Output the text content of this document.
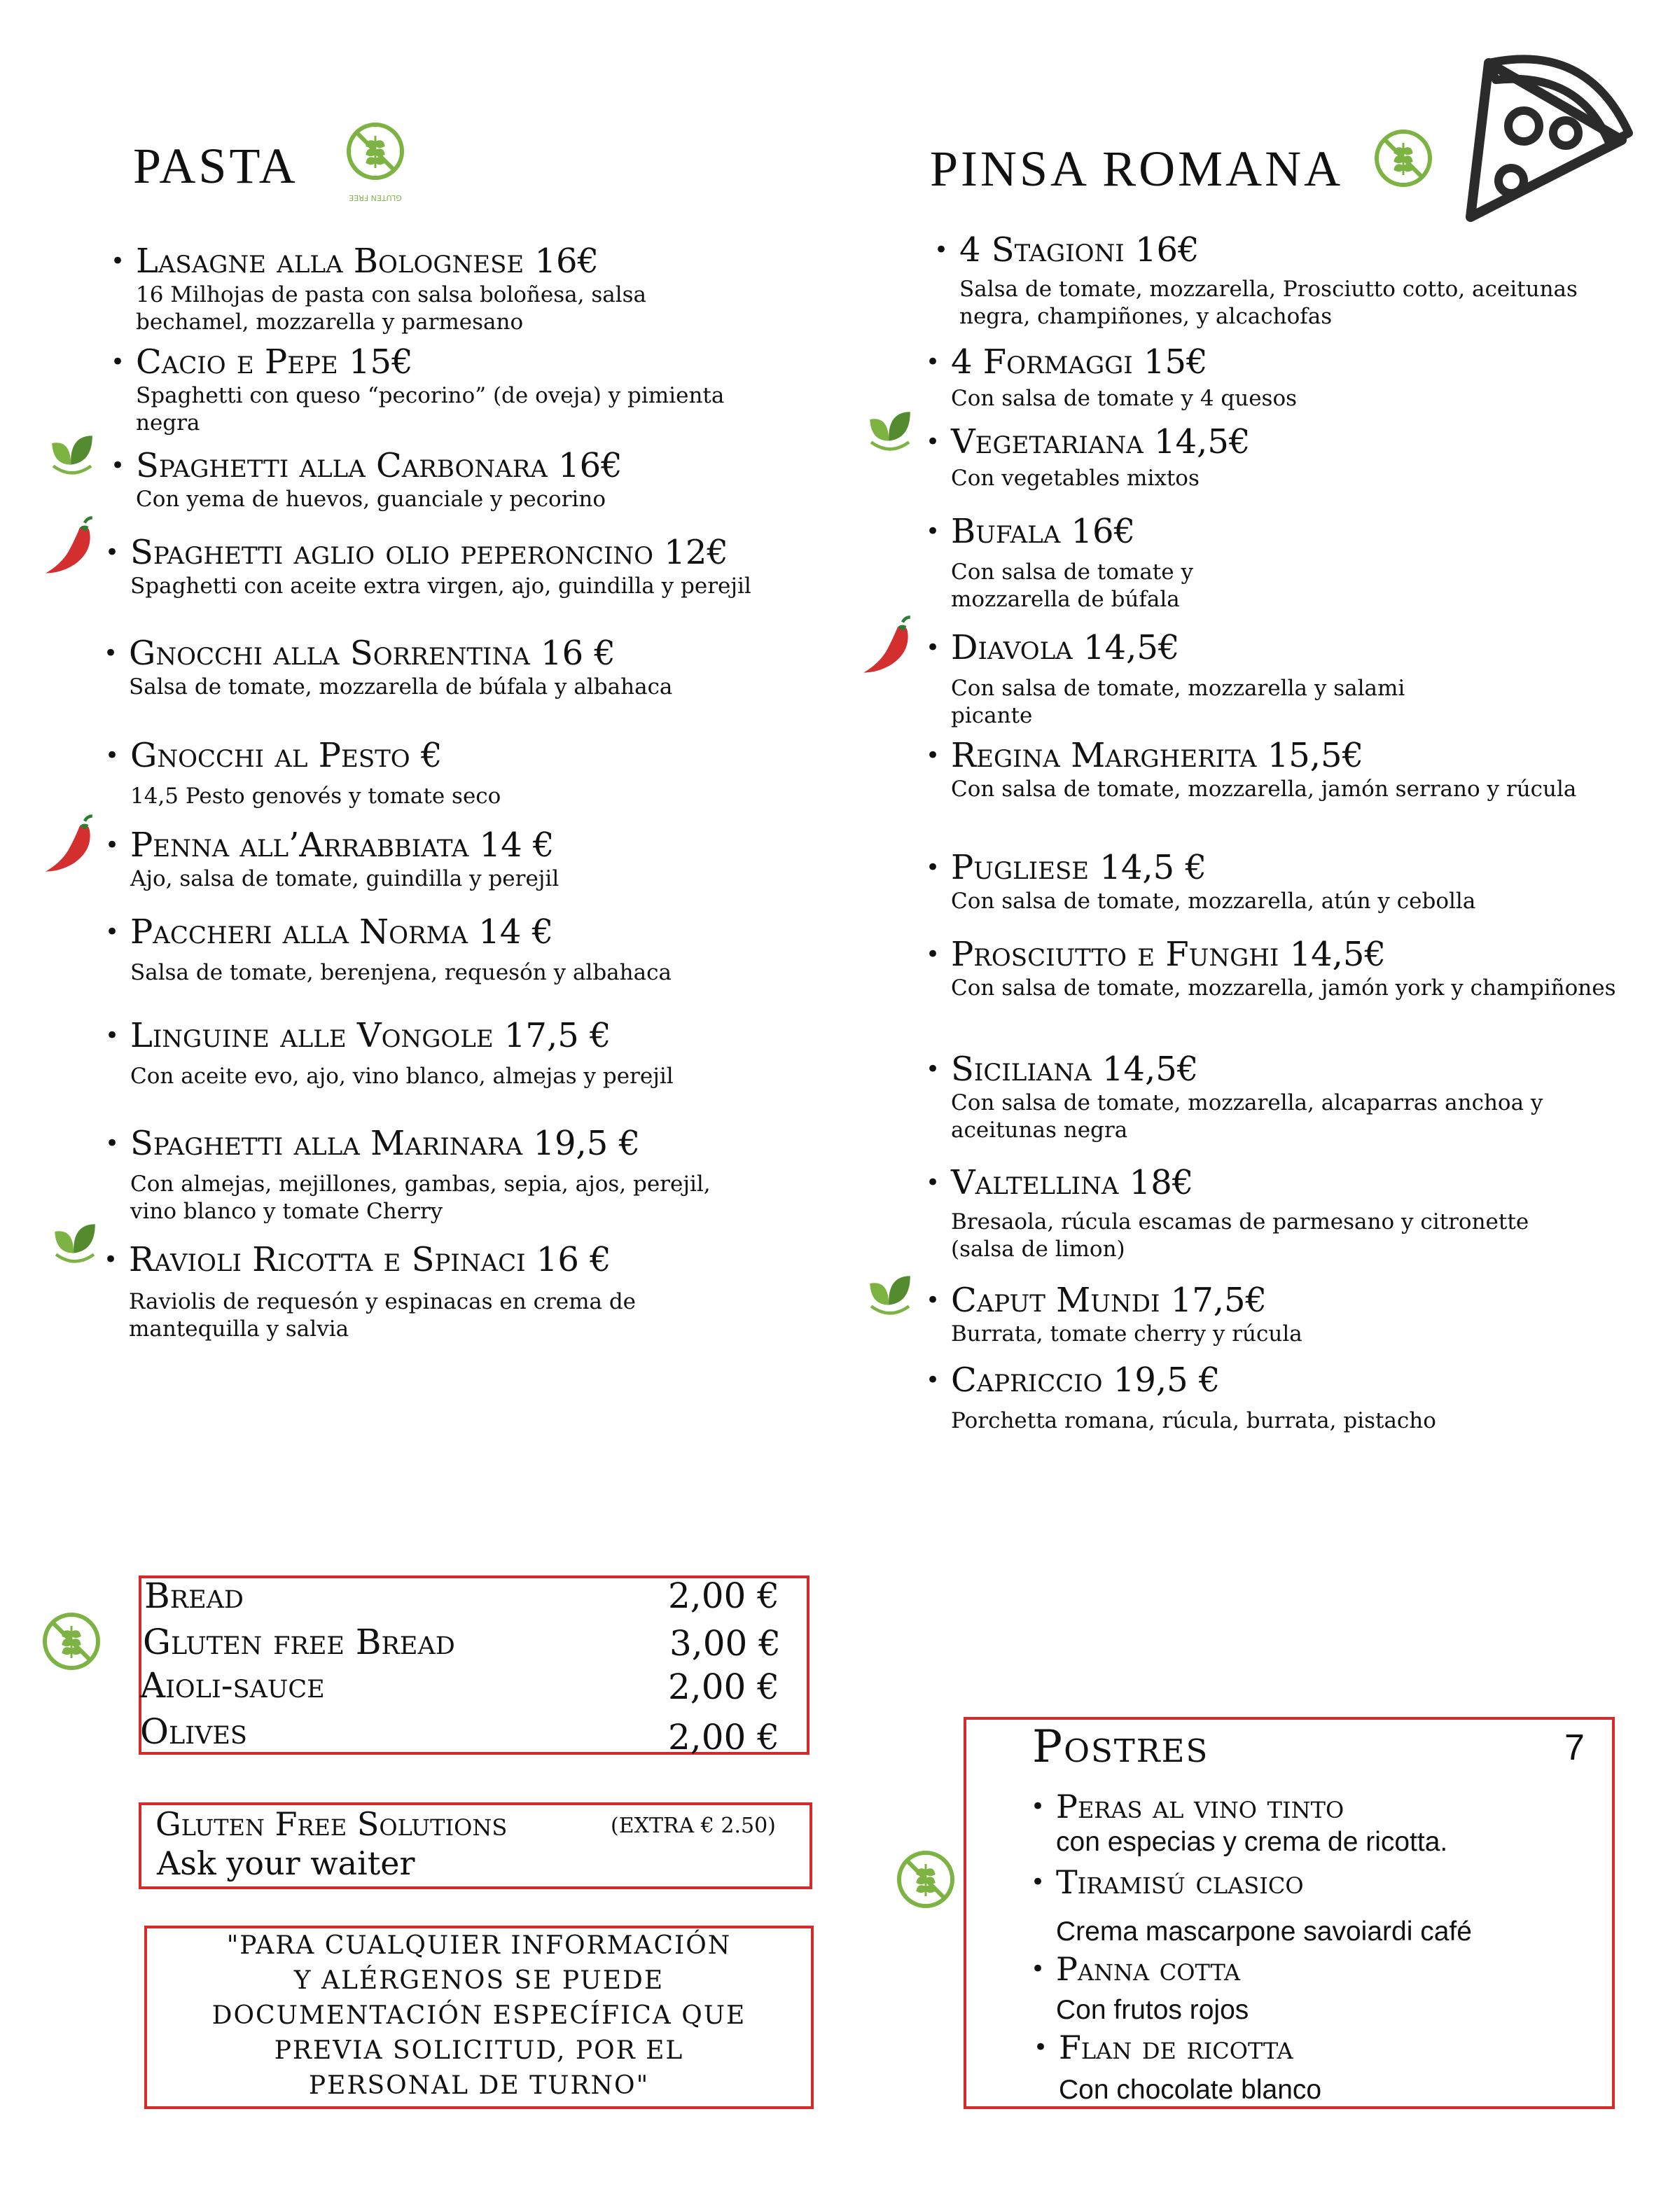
PASTA
GLUTEN FREE
• Lasagne alla Bolognese 16€
16 Milhojas de pasta con salsa boloñesa, salsa bechamel, mozzarella y parmesano
• Cacio e Pepe 15€
Spaghetti con queso “pecorino” (de oveja) y pimienta negra
• Spaghetti alla Carbonara 16€
Con yema de huevos, guanciale y pecorino
• Spaghetti aglio olio peperoncino 12€
Spaghetti con aceite extra virgen, ajo, guindilla y perejil
• Gnocchi alla Sorrentina 16 €
Salsa de tomate, mozzarella de búfala y albahaca
• Gnocchi al Pesto €
14,5 Pesto genovés y tomate seco
• Penna all’Arrabbiata 14 €
Ajo, salsa de tomate, guindilla y perejil
• Paccheri alla Norma 14 €
Salsa de tomate, berenjena, requesón y albahaca
• Linguine alle Vongole 17,5 €
Con aceite evo, ajo, vino blanco, almejas y perejil
• Spaghetti alla Marinara 19,5 €
Con almejas, mejillones, gambas, sepia, ajos, perejil, vino blanco y tomate Cherry
• Ravioli Ricotta e Spinaci 16 €
Raviolis de requesón y espinacas en crema de mantequilla y salvia
PINSA ROMANA
• 4 Stagioni 16€
Salsa de tomate, mozzarella, Prosciutto cotto, aceitunas negra, champiñones, y alcachofas
• 4 Formaggi 15€
Con salsa de tomate y 4 quesos
• Vegetariana 14,5€
Con vegetables mixtos
• Bufala 16€
Con salsa de tomate y mozzarella de búfala
• Diavola 14,5€
Con salsa de tomate, mozzarella y salami picante
• Regina Margherita 15,5€
Con salsa de tomate, mozzarella, jamón serrano y rúcula
• Pugliese 14,5 €
Con salsa de tomate, mozzarella, atún y cebolla
• Prosciutto e Funghi 14,5€
Con salsa de tomate, mozzarella, jamón york y champiñones
• Siciliana 14,5€
Con salsa de tomate, mozzarella, alcaparras anchoa y aceitunas negra
• Valtellina 18€
Bresaola, rúcula escamas de parmesano y citronette (salsa de limon)
• Caput Mundi 17,5€
Burrata, tomate cherry y rúcula
• Capriccio 19,5 €
Porchetta romana, rúcula, burrata, pistacho
Bread	2,00 €
Gluten free Bread	3,00 €
Aioli-sauce	2,00 €
Olives	2,00 €
Gluten Free Solutions	(EXTRA € 2.50)
Ask your waiter
"PARA CUALQUIER INFORMACIÓN
Y ALÉRGENOS SE PUEDE
DOCUMENTACIÓN ESPECÍFICA QUE
PREVIA SOLICITUD, POR EL
PERSONAL DE TURNO"
Postres	7
• Peras al vino tinto
con especias y crema de ricotta.
• Tiramisú clasico
Crema mascarpone savoiardi café
• Panna cotta
Con frutos rojos
• Flan de ricotta
Con chocolate blanco
